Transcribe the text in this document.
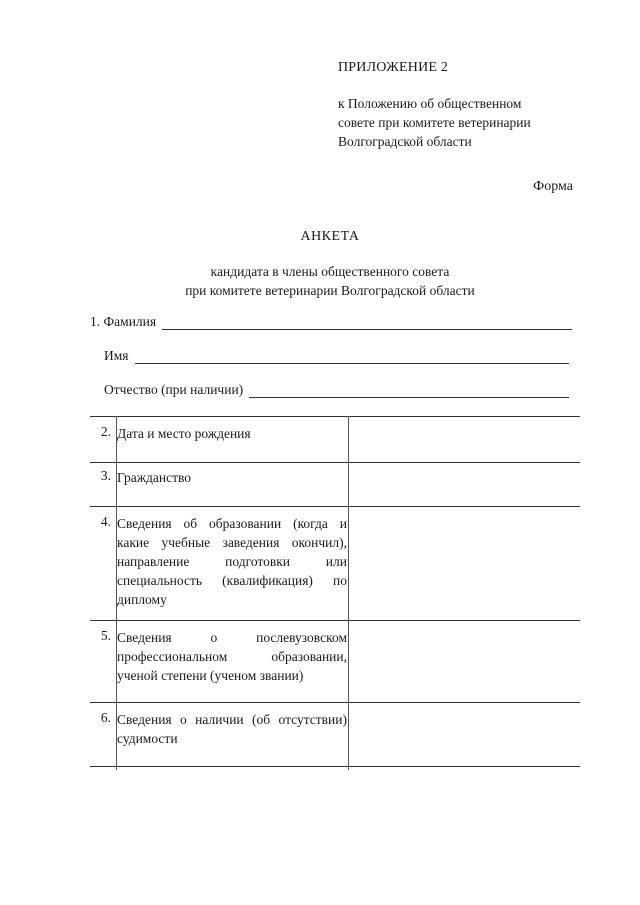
ПРИЛОЖЕНИЕ 2
к Положению об общественном
совете при комитете ветеринарии
Волгоградской области
Форма
АНКЕТА
кандидата в члены общественного совета
при комитете ветеринарии Волгоградской области
1. Фамилия
Имя
Отчество (при наличии)
2. Дата и место рождения
3. Гражданство
4. Сведения об образовании (когда и какие учебные заведения окончил), направление подготовки или специальность (квалификация) по диплому
5. Сведения о послевузовском профессиональном образовании, ученой степени (ученом звании)
6. Сведения о наличии (об отсутствии) судимости
